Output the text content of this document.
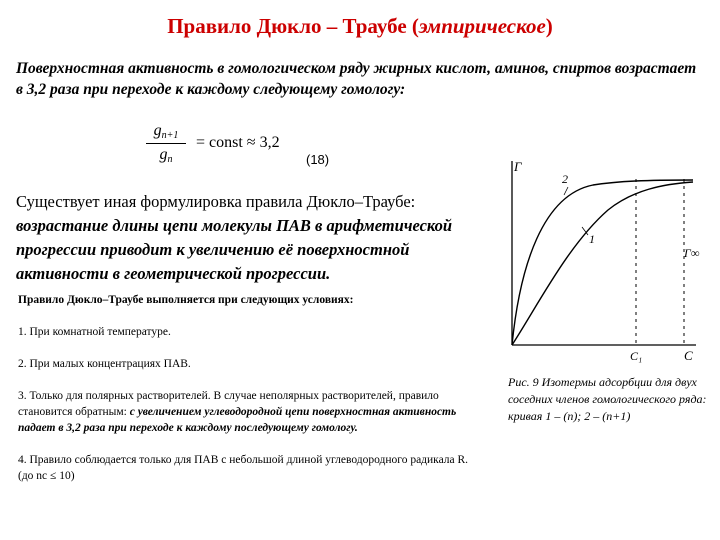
Правило Дюкло – Траубе (эмпирическое)
Поверхностная активность в гомологическом ряду жирных кислот, аминов, спиртов возрастает в 3,2 раза при переходе к каждому следующему гомологу:
$g_{n+1}$
$g_n$
= const ≈ 3,2
(18)
Существует иная формулировка правила Дюкло–Траубе: возрастание длины цепи молекулы ПАВ в арифметической прогрессии приводит к увеличению её поверхностной активности в геометрической прогрессии.

Правило Дюкло–Траубе выполняется при следующих условиях:

1. При комнатной температуре.

2. При малых концентрациях ПАВ.

3. Только для полярных растворителей. В случае неполярных растворителей, правило становится обратным: с увеличением углеводородной цепи поверхностная активность падает в 3,2 раза при переходе к каждому последующему гомологу.

4. Правило соблюдается только для ПАВ с небольшой длиной углеводородного радикала R. (до nc ≤ 10)

Γ
C
C₁
Γ∞
2
1
Рис. 9 Изотермы адсорбции для двух соседних членов гомологического ряда: кривая 1 – (n); 2 – (n+1)
